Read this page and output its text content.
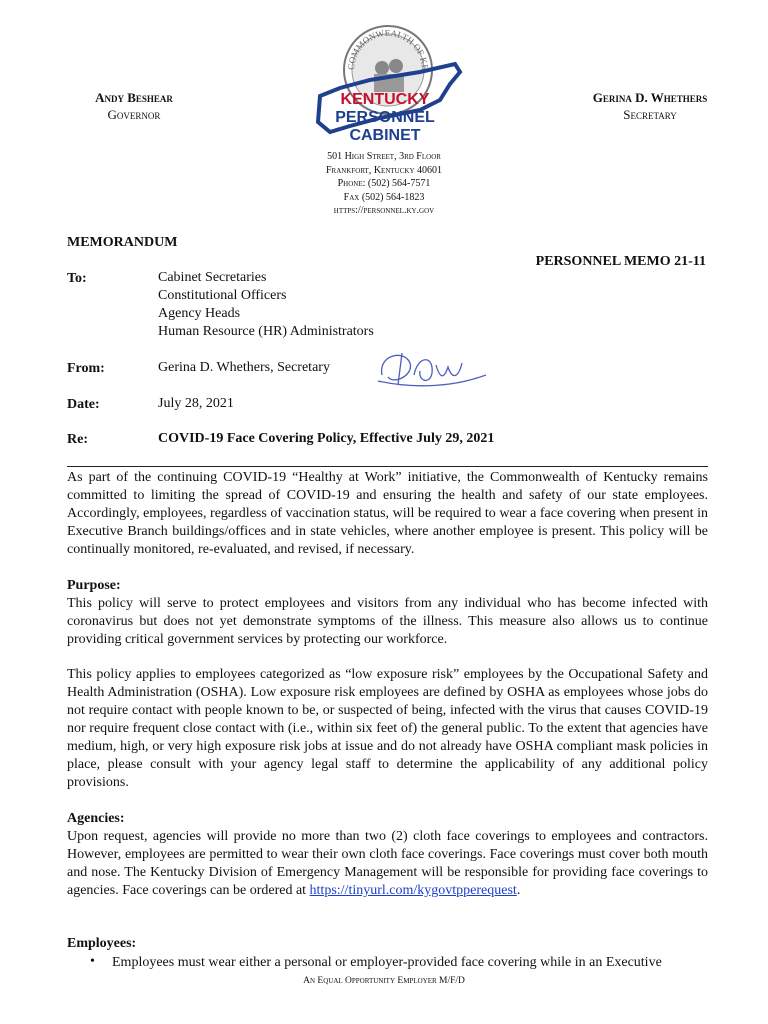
Andy Beshear
Governor
COMMONWEALTH OF KE
KENTUCKY
PERSONNEL
CABINET
Gerina D. Whethers
Secretary
501 High Street, 3rd Floor
Frankfort, Kentucky 40601
Phone: (502) 564-7571
Fax (502) 564-1823
https://personnel.ky.gov
MEMORANDUM
PERSONNEL MEMO 21-11
To:	Cabinet Secretaries
Constitutional Officers
Agency Heads
Human Resource (HR) Administrators
From:	Gerina D. Whethers, Secretary
Date:	July 28, 2021
Re:	COVID-19 Face Covering Policy, Effective July 29, 2021
As part of the continuing COVID-19 “Healthy at Work” initiative, the Commonwealth of Kentucky remains committed to limiting the spread of COVID-19 and ensuring the health and safety of our state employees. Accordingly, employees, regardless of vaccination status, will be required to wear a face covering when present in Executive Branch buildings/offices and in state vehicles, where another employee is present. This policy will be continually monitored, re-evaluated, and revised, if necessary.
Purpose:
This policy will serve to protect employees and visitors from any individual who has become infected with coronavirus but does not yet demonstrate symptoms of the illness. This measure also allows us to continue providing critical government services by protecting our workforce.
This policy applies to employees categorized as “low exposure risk” employees by the Occupational Safety and Health Administration (OSHA). Low exposure risk employees are defined by OSHA as employees whose jobs do not require contact with people known to be, or suspected of being, infected with the virus that causes COVID-19 nor require frequent close contact with (i.e., within six feet of) the general public. To the extent that agencies have medium, high, or very high exposure risk jobs at issue and do not already have OSHA compliant mask policies in place, please consult with your agency legal staff to determine the applicability of any additional policy provisions.
Agencies:
Upon request, agencies will provide no more than two (2) cloth face coverings to employees and contractors. However, employees are permitted to wear their own cloth face coverings. Face coverings must cover both mouth and nose. The Kentucky Division of Emergency Management will be responsible for providing face coverings to agencies. Face coverings can be ordered at https://tinyurl.com/kygovtpperequest.
Employees:
• Employees must wear either a personal or employer-provided face covering while in an Executive
An Equal Opportunity Employer M/F/D
